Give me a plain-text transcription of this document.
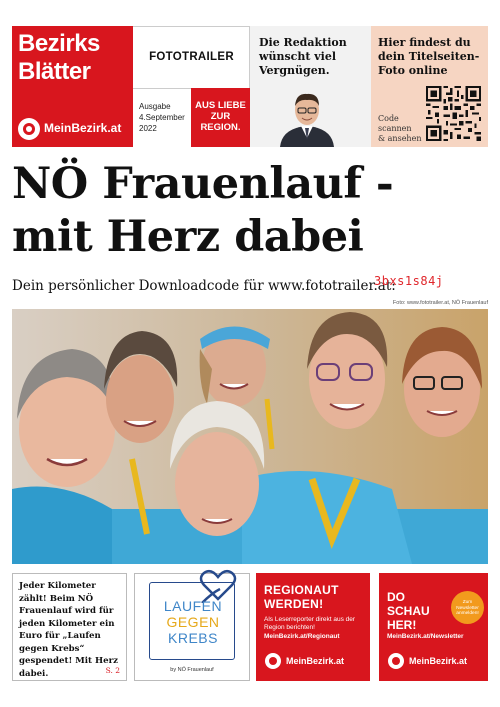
Bezirks
Blätter
MeinBezirk.at
FOTOTRAILER
Ausgabe
4.September
2022
AUS LIEBE
ZUR
REGION.
Die Redaktion wünscht viel Vergnügen.
Hier findest du dein Titelseiten-Foto online
Code
scannen
& ansehen
NÖ Frauenlauf -
mit Herz dabei
Dein persönlicher Downloadcode für www.fototrailer.at:
3bxs1s84j
Foto: www.fototrailer.at, NÖ Frauenlauf
Jeder Kilometer zählt! Beim NÖ Frauenlauf wird für jeden Kilometer ein Euro für „Laufen gegen Krebs“ gespendet! Mit Herz dabei.	S. 2
LAUFEN
GEGEN
KREBS
by NÖ Frauenlauf
REGIONAUT WERDEN!
Als Leserreporter direkt aus der Region berichten!
MeinBezirk.at/Regionaut
MeinBezirk.at
DO SCHAU HER!
Zum Newsletter anmelden!
MeinBezirk.at/Newsletter
MeinBezirk.at
